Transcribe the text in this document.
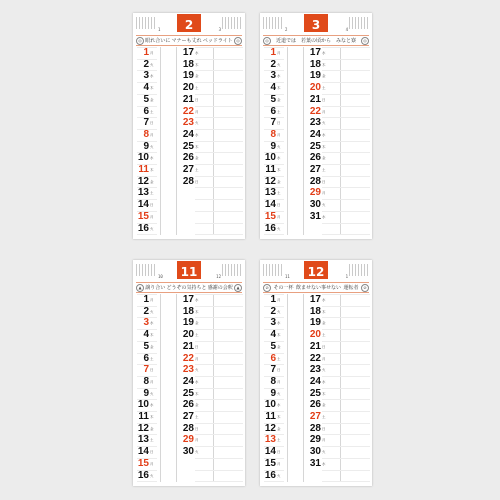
1	2	3
◎ 眼れ合いに マナーも丈れ ペッドライト ◎
1 月
2 火
3 水
4 木
5 金
6 土
7 日
8 月
9 火
10 水
11 木
12 金
13 土
14 日
15 月
16 火
17 水
18 木
19 金
20 土
21 日
22 月
23 火
24 水
25 木
26 金
27 土
28 日
2	3	4
◎	近道では 若葉の頃から みなと寮	◎
1 月
2 火
3 水
4 木
5 金
6 土
7 日
8 月
9 火
10 水
11 木
12 金
13 土
14 日
15 月
16 火
17 水
18 木
19 金
20 土
21 日
22 月
23 火
24 水
25 木
26 金
27 土
28 日
29 月
30 火
31 水
10	11	12
▲ 譲り合い どうぞの気持ちと 感謝の会釈 ▲
1 月
2 火
3 水
4 木
5 金
6 土
7 日
8 月
9 火
10 水
11 木
12 金
13 土
14 日
15 月
16 火
17 水
18 木
19 金
20 土
21 日
22 月
23 火
24 水
25 木
26 金
27 土
28 日
29 月
30 火
11	12	1
⊘ その一杯 飲ませない事せない 運転者	⊘
1 月
2 火
3 水
4 木
5 金
6 土
7 日
8 月
9 火
10 水
11 木
12 金
13 土
14 日
15 月
16 火
17 水
18 木
19 金
20 土
21 日
22 月
23 火
24 水
25 木
26 金
27 土
28 日
29 月
30 火
31 水
